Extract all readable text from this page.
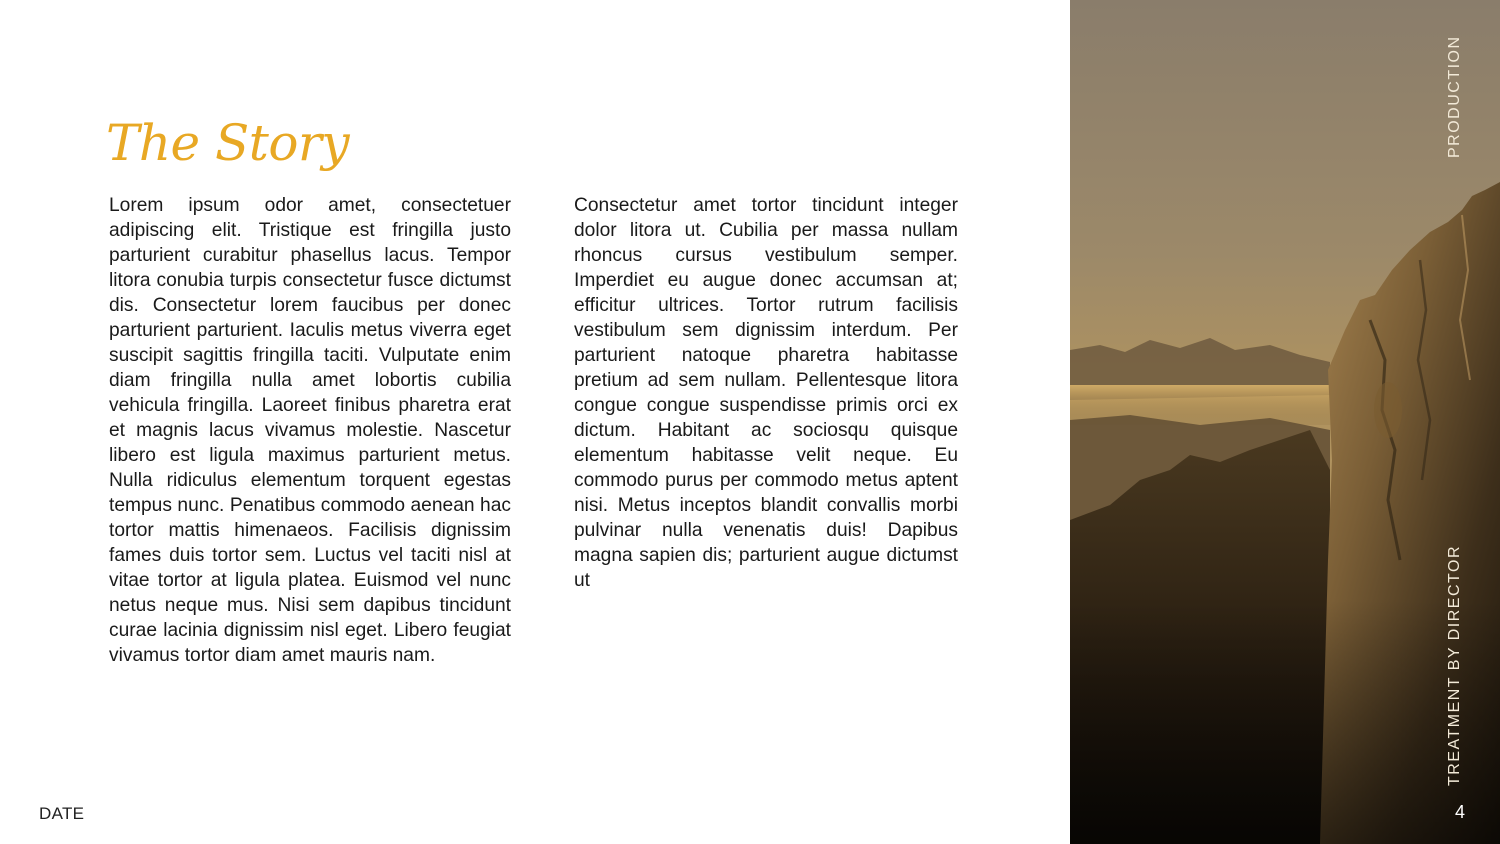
The Story

Lorem ipsum odor amet, consectetuer adipiscing elit. Tristique est fringilla justo parturient curabitur phasellus lacus. Tempor litora conubia turpis consectetur fusce dictumst dis. Consectetur lorem faucibus per donec parturient parturient. Iaculis metus viverra eget suscipit sagittis fringilla taciti. Vulputate enim diam fringilla nulla amet lobortis cubilia vehicula fringilla. Laoreet finibus pharetra erat et magnis lacus vivamus molestie. Nascetur libero est ligula maximus parturient metus. Nulla ridiculus elementum torquent egestas tempus nunc. Penatibus commodo aenean hac tortor mattis himenaeos. Facilisis dignissim fames duis tortor sem. Luctus vel taciti nisl at vitae tortor at ligula platea. Euismod vel nunc netus neque mus. Nisi sem dapibus tincidunt curae lacinia dignissim nisl eget. Libero feugiat vivamus tortor diam amet mauris nam.

Consectetur amet tortor tincidunt integer dolor litora ut. Cubilia per massa nullam rhoncus cursus vestibulum semper. Imperdiet eu augue donec accumsan at; efficitur ultrices. Tortor rutrum facilisis vestibulum sem dignissim interdum. Per parturient natoque pharetra habitasse pretium ad sem nullam. Pellentesque litora congue congue suspendisse primis orci ex dictum. Habitant ac sociosqu quisque elementum habitasse velit neque. Eu commodo purus per commodo metus aptent nisi. Metus inceptos blandit convallis morbi pulvinar nulla venenatis duis! Dapibus magna sapien dis; parturient augue dictumst ut

DATE
PRODUCTION
TREATMENT BY DIRECTOR
4
